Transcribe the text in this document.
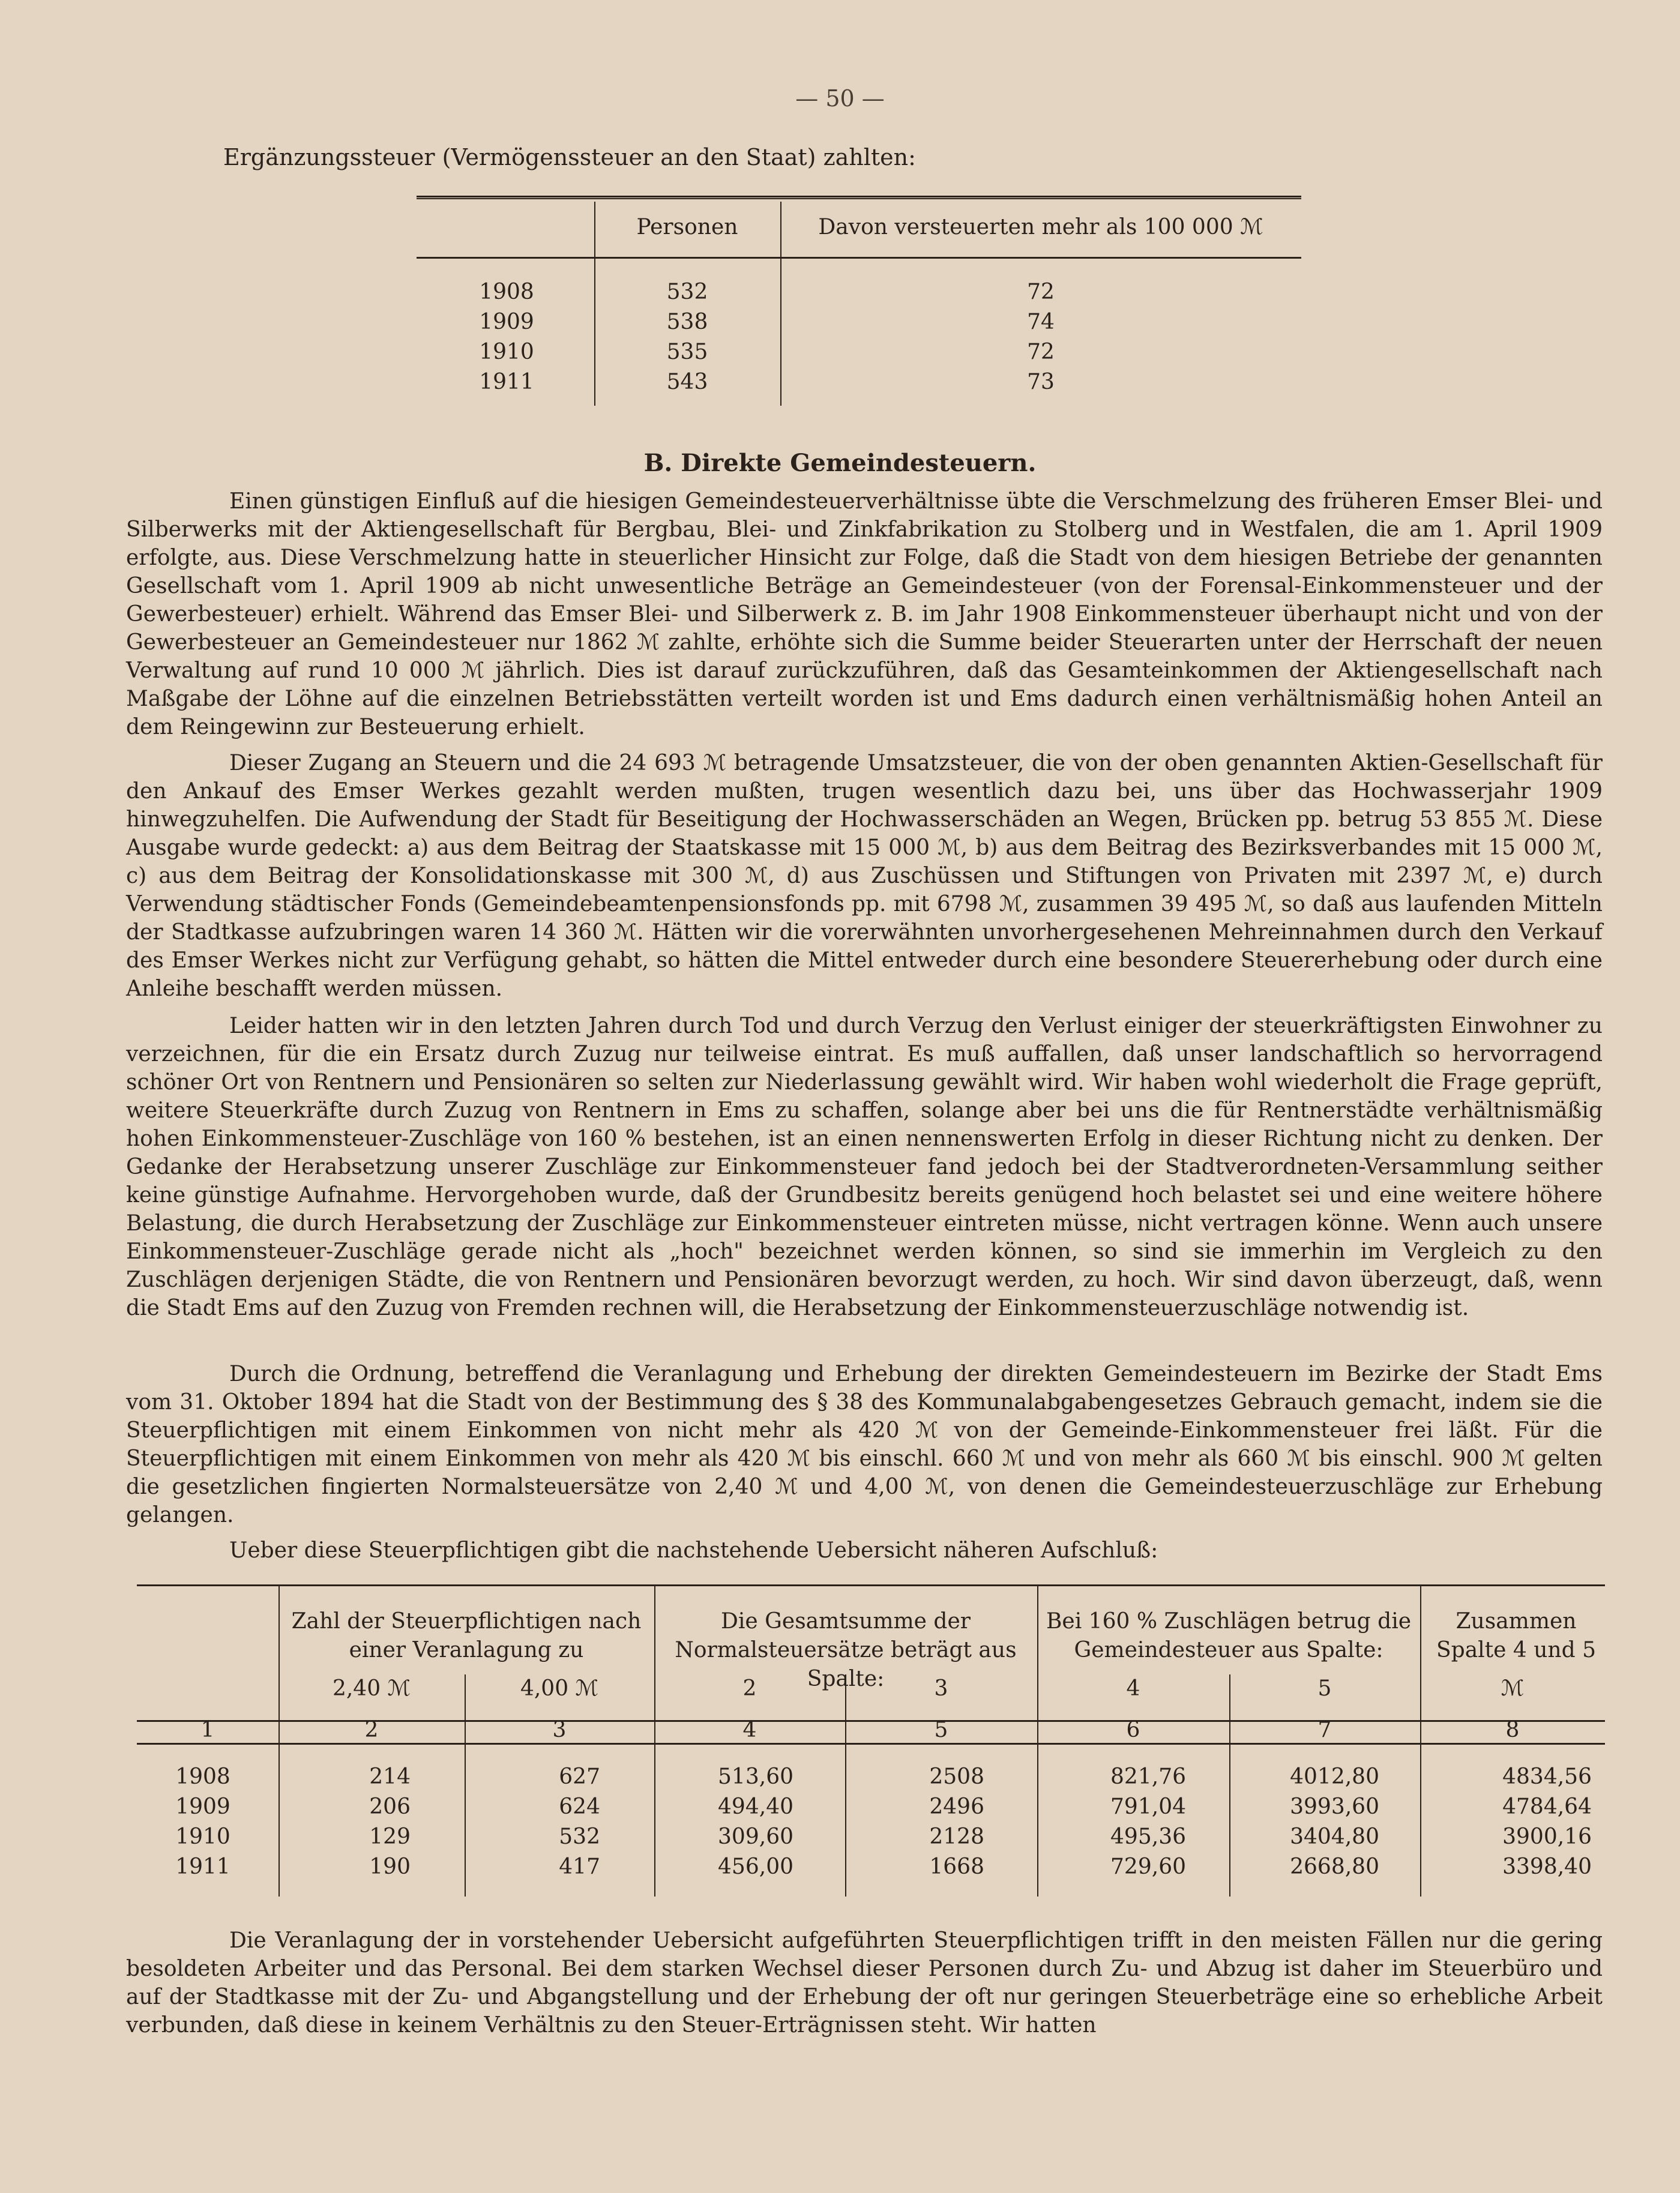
— 50 —
Ergänzungssteuer (Vermögenssteuer an den Staat) zahlten:
Personen	Davon versteuerten mehr als 100 000 ℳ
1908	532	72
1909	538	74
1910	535	72
1911	543	73
B. Direkte Gemeindesteuern.

Einen günstigen Einfluß auf die hiesigen Gemeindesteuerverhältnisse übte die Verschmelzung des früheren Emser Blei- und Silberwerks mit der Aktiengesellschaft für Bergbau, Blei- und Zinkfabrikation zu Stolberg und in Westfalen, die am 1. April 1909 erfolgte, aus. Diese Verschmelzung hatte in steuerlicher Hinsicht zur Folge, daß die Stadt von dem hiesigen Betriebe der genannten Gesellschaft vom 1. April 1909 ab nicht unwesentliche Beträge an Gemeindesteuer (von der Forensal-Einkommensteuer und der Gewerbesteuer) erhielt. Während das Emser Blei- und Silberwerk z. B. im Jahr 1908 Einkommensteuer überhaupt nicht und von der Gewerbesteuer an Gemeindesteuer nur 1862 ℳ zahlte, erhöhte sich die Summe beider Steuerarten unter der Herrschaft der neuen Verwaltung auf rund 10 000 ℳ jährlich. Dies ist darauf zurückzuführen, daß das Gesamteinkommen der Aktiengesellschaft nach Maßgabe der Löhne auf die einzelnen Betriebsstätten verteilt worden ist und Ems dadurch einen verhältnismäßig hohen Anteil an dem Reingewinn zur Besteuerung erhielt.

Dieser Zugang an Steuern und die 24 693 ℳ betragende Umsatzsteuer, die von der oben genannten Aktien-Gesellschaft für den Ankauf des Emser Werkes gezahlt werden mußten, trugen wesentlich dazu bei, uns über das Hochwasserjahr 1909 hinwegzuhelfen. Die Aufwendung der Stadt für Beseitigung der Hochwasserschäden an Wegen, Brücken pp. betrug 53 855 ℳ. Diese Ausgabe wurde gedeckt: a) aus dem Beitrag der Staatskasse mit 15 000 ℳ, b) aus dem Beitrag des Bezirksverbandes mit 15 000 ℳ, c) aus dem Beitrag der Konsolidationskasse mit 300 ℳ, d) aus Zuschüssen und Stiftungen von Privaten mit 2397 ℳ, e) durch Verwendung städtischer Fonds (Gemeindebeamtenpensionsfonds pp. mit 6798 ℳ, zusammen 39 495 ℳ, so daß aus laufenden Mitteln der Stadtkasse aufzubringen waren 14 360 ℳ. Hätten wir die vorerwähnten unvorhergesehenen Mehreinnahmen durch den Verkauf des Emser Werkes nicht zur Verfügung gehabt, so hätten die Mittel entweder durch eine besondere Steuererhebung oder durch eine Anleihe beschafft werden müssen.

Leider hatten wir in den letzten Jahren durch Tod und durch Verzug den Verlust einiger der steuerkräftigsten Einwohner zu verzeichnen, für die ein Ersatz durch Zuzug nur teilweise eintrat. Es muß auffallen, daß unser landschaftlich so hervorragend schöner Ort von Rentnern und Pensionären so selten zur Niederlassung gewählt wird. Wir haben wohl wiederholt die Frage geprüft, weitere Steuerkräfte durch Zuzug von Rentnern in Ems zu schaffen, solange aber bei uns die für Rentnerstädte verhältnismäßig hohen Einkommensteuer-Zuschläge von 160 % bestehen, ist an einen nennenswerten Erfolg in dieser Richtung nicht zu denken. Der Gedanke der Herabsetzung unserer Zuschläge zur Einkommensteuer fand jedoch bei der Stadtverordneten-Versammlung seither keine günstige Aufnahme. Hervorgehoben wurde, daß der Grundbesitz bereits genügend hoch belastet sei und eine weitere höhere Belastung, die durch Herabsetzung der Zuschläge zur Einkommensteuer eintreten müsse, nicht vertragen könne. Wenn auch unsere Einkommensteuer-Zuschläge gerade nicht als „hoch" bezeichnet werden können, so sind sie immerhin im Vergleich zu den Zuschlägen derjenigen Städte, die von Rentnern und Pensionären bevorzugt werden, zu hoch. Wir sind davon überzeugt, daß, wenn die Stadt Ems auf den Zuzug von Fremden rechnen will, die Herabsetzung der Einkommensteuerzuschläge notwendig ist.

Durch die Ordnung, betreffend die Veranlagung und Erhebung der direkten Gemeindesteuern im Bezirke der Stadt Ems vom 31. Oktober 1894 hat die Stadt von der Bestimmung des § 38 des Kommunalabgabengesetzes Gebrauch gemacht, indem sie die Steuerpflichtigen mit einem Einkommen von nicht mehr als 420 ℳ von der Gemeinde-Einkommensteuer frei läßt. Für die Steuerpflichtigen mit einem Einkommen von mehr als 420 ℳ bis einschl. 660 ℳ und von mehr als 660 ℳ bis einschl. 900 ℳ gelten die gesetzlichen fingierten Normalsteuersätze von 2,40 ℳ und 4,00 ℳ, von denen die Gemeindesteuerzuschläge zur Erhebung gelangen.

Ueber diese Steuerpflichtigen gibt die nachstehende Uebersicht näheren Aufschluß:

Zahl der Steuerpflichtigen nach einer Veranlagung zu
2,40 ℳ	4,00 ℳ
Die Gesamtsumme der Normalsteuersätze beträgt aus Spalte:
2	3
Bei 160 % Zuschlägen betrug die Gemeindesteuer aus Spalte:
4	5
Zusammen Spalte 4 und 5
ℳ
1	2	3	4	5	6	7	8
1908	214	627	513,60	2508	821,76	4012,80	4834,56
1909	206	624	494,40	2496	791,04	3993,60	4784,64
1910	129	532	309,60	2128	495,36	3404,80	3900,16
1911	190	417	456,00	1668	729,60	2668,80	3398,40

Die Veranlagung der in vorstehender Uebersicht aufgeführten Steuerpflichtigen trifft in den meisten Fällen nur die gering besoldeten Arbeiter und das Personal. Bei dem starken Wechsel dieser Personen durch Zu- und Abzug ist daher im Steuerbüro und auf der Stadtkasse mit der Zu- und Abgangstellung und der Erhebung der oft nur geringen Steuerbeträge eine so erhebliche Arbeit verbunden, daß diese in keinem Verhältnis zu den Steuer-Erträgnissen steht. Wir hatten
